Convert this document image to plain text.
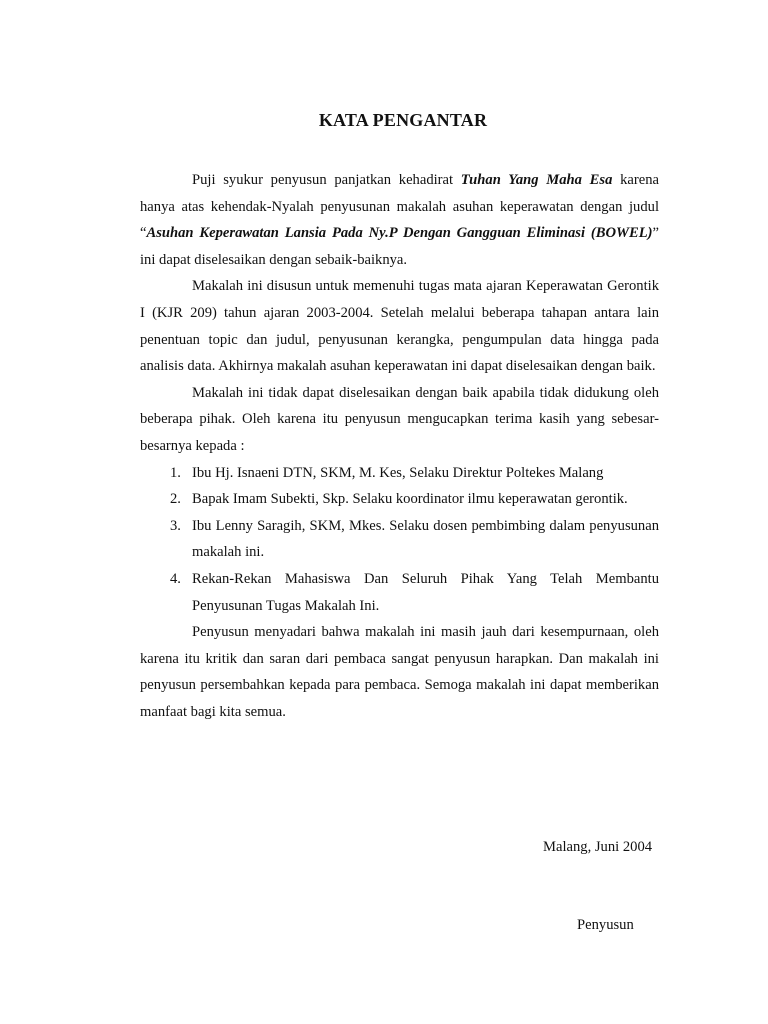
KATA PENGANTAR

Puji syukur penyusun panjatkan kehadirat Tuhan Yang Maha Esa karena hanya atas kehendak-Nyalah penyusunan makalah asuhan keperawatan dengan judul “Asuhan Keperawatan Lansia Pada Ny.P Dengan Gangguan Eliminasi (BOWEL)” ini dapat diselesaikan dengan sebaik-baiknya.

Makalah ini disusun untuk memenuhi tugas mata ajaran Keperawatan Gerontik I (KJR 209) tahun ajaran 2003-2004. Setelah melalui beberapa tahapan antara lain penentuan topic dan judul, penyusunan kerangka, pengumpulan data hingga pada analisis data. Akhirnya makalah asuhan keperawatan ini dapat diselesaikan dengan baik.

Makalah ini tidak dapat diselesaikan dengan baik apabila tidak didukung oleh beberapa pihak. Oleh karena itu penyusun mengucapkan terima kasih yang sebesar-besarnya kepada :

1. Ibu Hj. Isnaeni DTN, SKM, M. Kes, Selaku Direktur Poltekes Malang
2. Bapak Imam Subekti, Skp. Selaku koordinator ilmu keperawatan gerontik.
3. Ibu Lenny Saragih, SKM, Mkes. Selaku dosen pembimbing dalam penyusunan makalah ini.
4. Rekan-Rekan Mahasiswa Dan Seluruh Pihak Yang Telah Membantu Penyusunan Tugas Makalah Ini.

Penyusun menyadari bahwa makalah ini masih jauh dari kesempurnaan, oleh karena itu kritik dan saran dari pembaca sangat penyusun harapkan. Dan makalah ini penyusun persembahkan kepada para pembaca. Semoga makalah ini dapat memberikan manfaat bagi kita semua.

Malang, Juni 2004
Penyusun
